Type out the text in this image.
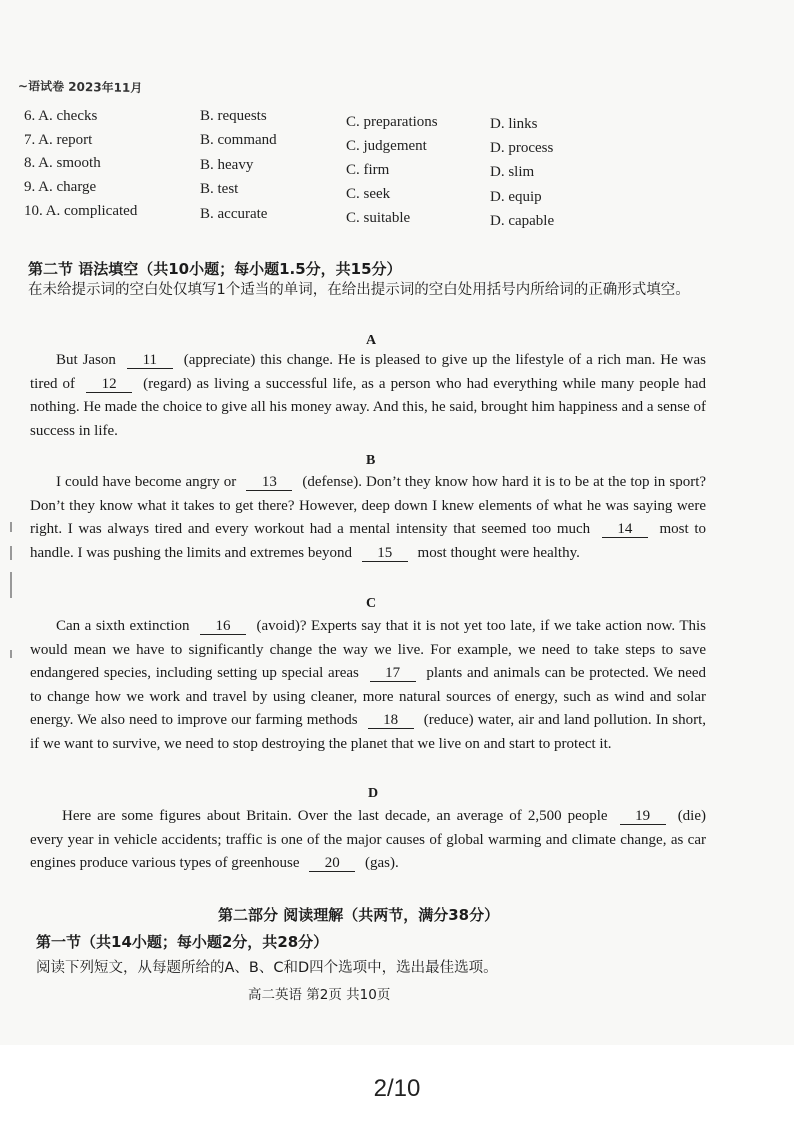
~语试卷 2023年11月
6. A. checks	B. requests	C. preparations	D. links
7. A. report	B. command	C. judgement	D. process
8. A. smooth	B. heavy	C. firm	D. slim
9. A. charge	B. test	C. seek	D. equip
10. A. complicated	B. accurate	C. suitable	D. capable
第二节 语法填空（共10小题；每小题1.5分，共15分）
在未给提示词的空白处仅填写1个适当的单词，在给出提示词的空白处用括号内所给词的正确形式填空。
A
But Jason 11 (appreciate) this change. He is pleased to give up the lifestyle of a rich man. He was tired of 12 (regard) as living a successful life, as a person who had everything while many people had nothing. He made the choice to give all his money away. And this, he said, brought him happiness and a sense of success in life.
B
I could have become angry or 13 (defense). Don’t they know how hard it is to be at the top in sport? Don’t they know what it takes to get there? However, deep down I knew elements of what he was saying were right. I was always tired and every workout had a mental intensity that seemed too much 14 most to handle. I was pushing the limits and extremes beyond 15 most thought were healthy.
C
Can a sixth extinction 16 (avoid)? Experts say that it is not yet too late, if we take action now. This would mean we have to significantly change the way we live. For example, we need to take steps to save endangered species, including setting up special areas 17 plants and animals can be protected. We need to change how we work and travel by using cleaner, more natural sources of energy, such as wind and solar energy. We also need to improve our farming methods 18 (reduce) water, air and land pollution. In short, if we want to survive, we need to stop destroying the planet that we live on and start to protect it.
D
Here are some figures about Britain. Over the last decade, an average of 2,500 people 19 (die) every year in vehicle accidents; traffic is one of the major causes of global warming and climate change, as car engines produce various types of greenhouse 20 (gas).
第二部分 阅读理解（共两节，满分38分）
第一节（共14小题；每小题2分，共28分）
阅读下列短文，从每题所给的A、B、C和D四个选项中，选出最佳选项。
高二英语 第2页 共10页
2/10
